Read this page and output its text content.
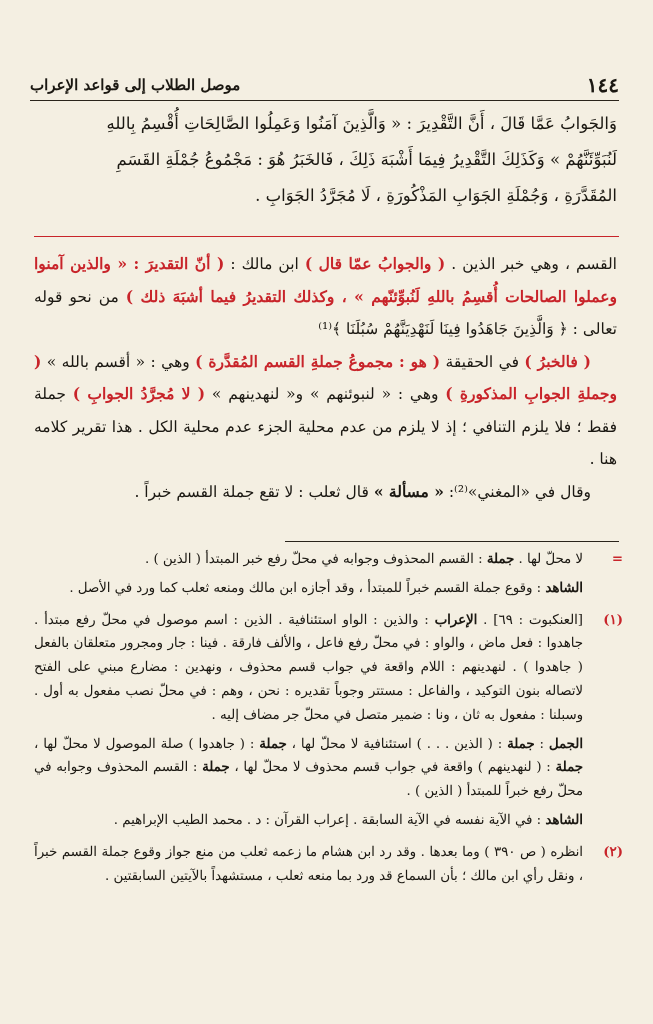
موصل الطلاب إلى قواعد الإعراب	١٤٤
وَالجَوابُ عَمَّا قَالَ ، أَنَّ التَّقْدِيرَ : « وَالَّذِينَ آمَنُوا وَعَمِلُوا الصَّالِحَاتِ أُقْسِمُ بِاللهِ
لَنُبَوِّئَنَّهُمْ » وَكَذَلِكَ التَّقْدِيرُ فِيمَا أَشْبَهَ ذَلِكَ ، فَالخَبَرُ هُوَ : مَجْمُوعُ جُمْلَةِ القَسَمِ
المُقَدَّرَةِ ، وَجُمْلَةِ الجَوَابِ المَذْكُورَةِ ، لَا مُجَرَّدُ الجَوَابِ .

القسم ، وهي خبر الذين . ( والجوابُ عمّا قال ) ابن مالك : ( أنّ التقديرَ : « والذين آمنوا وعملوا الصالحات أُقسِمُ باللهِ لَنُبوِّئنّهم » ، وكذلك التقديرُ فيما أشبَهَ ذلك ) من نحو قوله تعالى : ﴿ وَالَّذِينَ جَاهَدُوا فِينَا لَنَهْدِيَنَّهُمْ سُبُلَنَا ﴾⁽¹⁾

( فالخبرُ ) في الحقيقة ( هو : مجموعُ جملةِ القسم المُقدَّرة ) وهي : « أقسم بالله » ( وجملةِ الجوابِ المذكورةِ ) وهي : « لنبوئنهم » و« لنهدينهم » ( لا مُجرَّدُ الجوابِ ) جملة فقط ؛ فلا يلزم التنافي ؛ إذ لا يلزم من عدم محلية الجزء عدم محلية الكل . هذا تقرير كلامه هنا .

وقال في «المغني»⁽²⁾: « مسألة » قال ثعلب : لا تقع جملة القسم خبراً .

=

لا محلّ لها . جملة : القسم المحذوف وجوابه في محلّ رفع خبر المبتدأ ( الذين ) .

الشاهد : وقوع جملة القسم خبراً للمبتدأ ، وقد أجازه ابن مالك ومنعه ثعلب كما ورد في الأصل .

(١)

[العنكبوت : ٦٩] . الإعراب : والذين : الواو استئنافية . الذين : اسم موصول في محلّ رفع مبتدأ . جاهدوا : فعل ماض ، والواو : في محلّ رفع فاعل ، والألف فارقة . فينا : جار ومجرور متعلقان بالفعل ( جاهدوا ) . لنهدينهم : اللام واقعة في جواب قسم محذوف ، ونهدين : مضارع مبني على الفتح لاتصاله بنون التوكيد ، والفاعل : مستتر وجوباً تقديره : نحن ، وهم : في محلّ نصب مفعول به أول . وسبلنا : مفعول به ثان ، ونا : ضمير متصل في محلّ جر مضاف إليه .

الجمل : جملة : ( الذين . . . ) استئنافية لا محلّ لها ، جملة : ( جاهدوا ) صلة الموصول لا محلّ لها ، جملة : ( لنهدينهم ) واقعة في جواب قسم محذوف لا محلّ لها ، جملة : القسم المحذوف وجوابه في محلّ رفع خبراً للمبتدأ ( الذين ) .

الشاهد : في الآية نفسه في الآية السابقة . إعراب القرآن : د . محمد الطيب الإبراهيم .

(٢)

انظره ( ص ٣٩٠ ) وما بعدها . وقد رد ابن هشام ما زعمه ثعلب من منع جواز وقوع جملة القسم خبراً ، ونقل رأي ابن مالك ؛ بأن السماع قد ورد بما منعه ثعلب ، مستشهداً بالآيتين السابقتين .
